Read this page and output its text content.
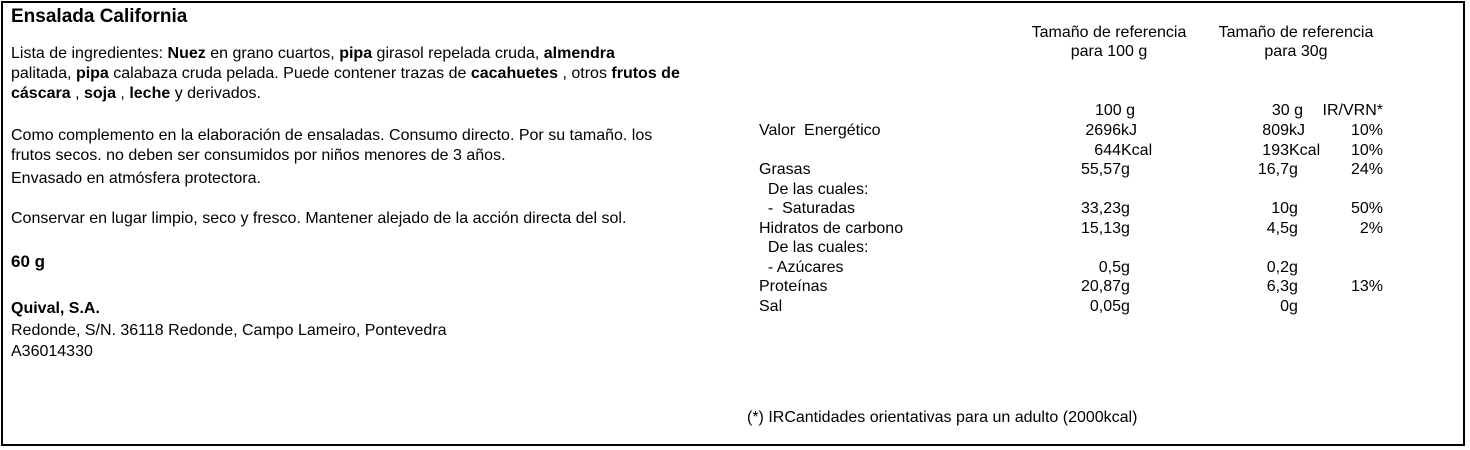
Ensalada California
Lista de ingredientes: Nuez en grano cuartos, pipa girasol repelada cruda, almendra
palitada, pipa calabaza cruda pelada. Puede contener trazas de cacahuetes , otros frutos de
cáscara , soja , leche y derivados.
Como complemento en la elaboración de ensaladas. Consumo directo. Por su tamaño. los
frutos secos. no deben ser consumidos por niños menores de 3 años.
Envasado en atmósfera protectora.
Conservar en lugar limpio, seco y fresco. Mantener alejado de la acción directa del sol.
60 g
Quival, S.A.
Redonde, S/N. 36118 Redonde, Campo Lameiro, Pontevedra
A36014330
Tamaño de referencia
para 100 g
Tamaño de referencia
para 30g
100 g	30 g	IR/VRN*
Valor  Energético	2696 kJ	809 kJ	10%
644 Kcal	193 Kcal	10%
Grasas	55,57 g	16,7 g	24%
De las cuales:
-  Saturadas	33,23 g	10 g	50%
Hidratos de carbono	15,13 g	4,5 g	2%
De las cuales:
- Azúcares	0,5 g	0,2 g
Proteínas	20,87 g	6,3 g	13%
Sal	0,05 g	0 g
(*) IRCantidades orientativas para un adulto (2000kcal)
